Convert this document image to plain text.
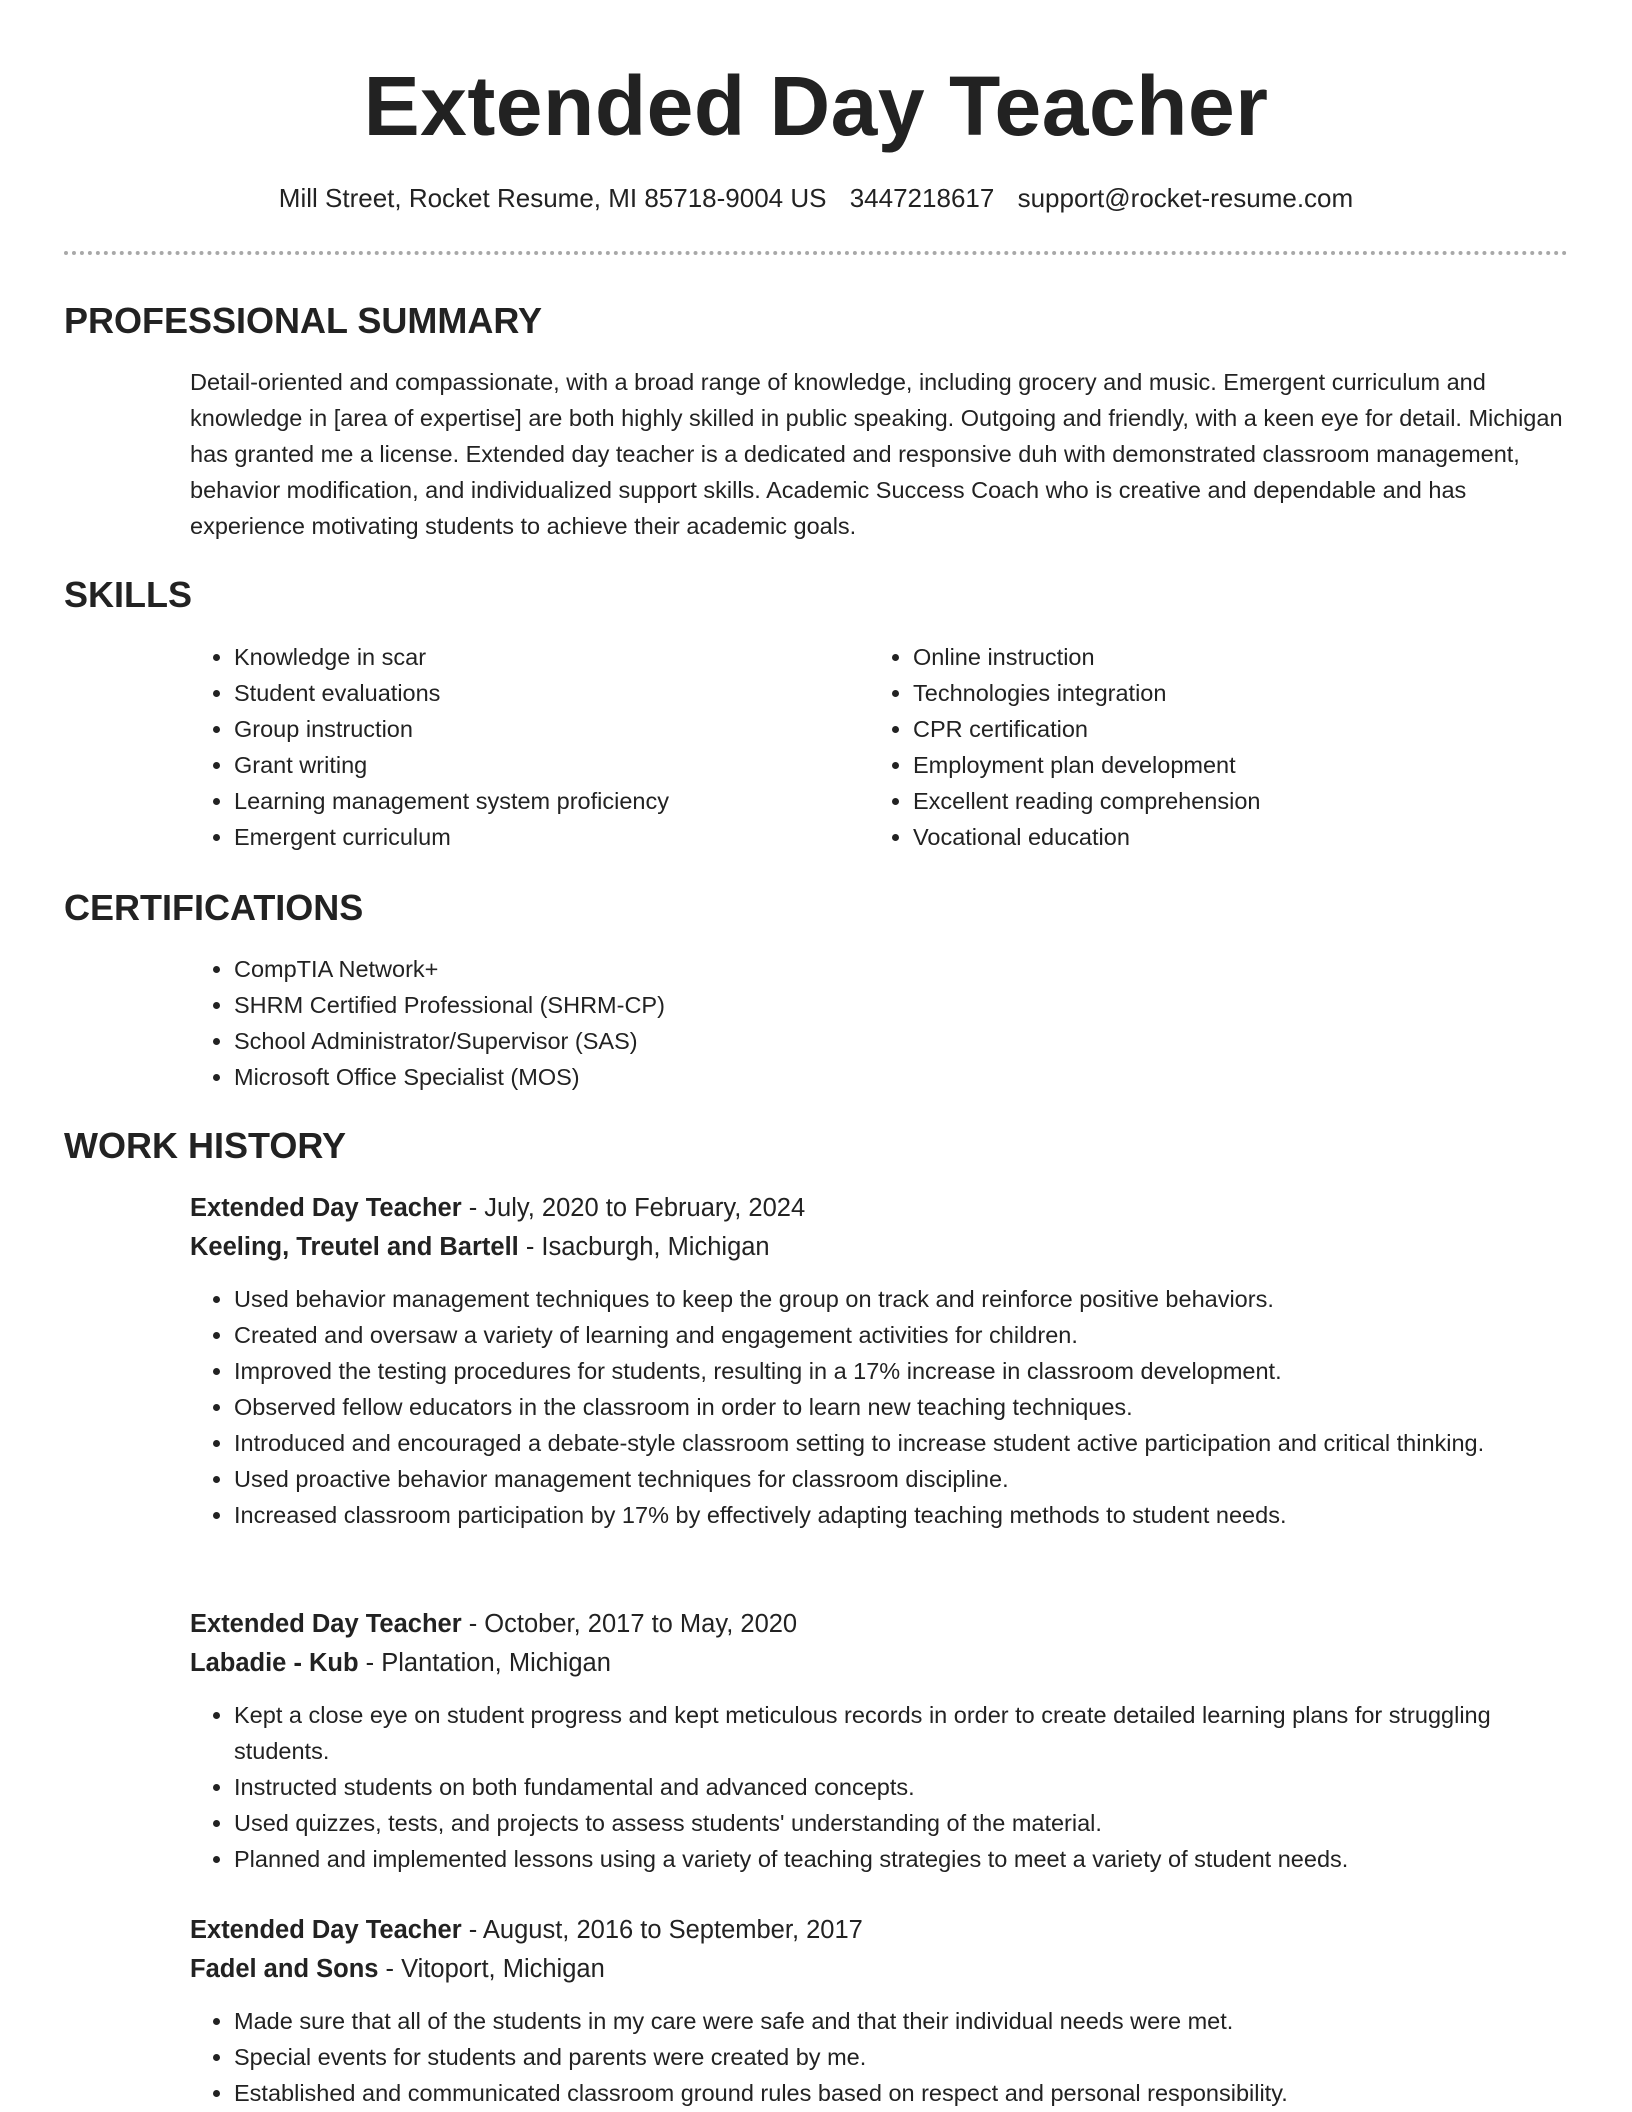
Extended Day Teacher
Mill Street, Rocket Resume, MI 85718-9004 US 3447218617 support@rocket-resume.com
PROFESSIONAL SUMMARY

Detail-oriented and compassionate, with a broad range of knowledge, including grocery and music. Emergent curriculum and knowledge in [area of expertise] are both highly skilled in public speaking. Outgoing and friendly, with a keen eye for detail. Michigan has granted me a license. Extended day teacher is a dedicated and responsive duh with demonstrated classroom management, behavior modification, and individualized support skills. Academic Success Coach who is creative and dependable and has experience motivating students to achieve their academic goals.

SKILLS
• Knowledge in scar
• Student evaluations
• Group instruction
• Grant writing
• Learning management system proficiency
• Emergent curriculum
• Online instruction
• Technologies integration
• CPR certification
• Employment plan development
• Excellent reading comprehension
• Vocational education
CERTIFICATIONS
• CompTIA Network+
• SHRM Certified Professional (SHRM-CP)
• School Administrator/Supervisor (SAS)
• Microsoft Office Specialist (MOS)
WORK HISTORY

Extended Day Teacher - July, 2020 to February, 2024

Keeling, Treutel and Bartell - Isacburgh, Michigan

• Used behavior management techniques to keep the group on track and reinforce positive behaviors.
• Created and oversaw a variety of learning and engagement activities for children.
• Improved the testing procedures for students, resulting in a 17% increase in classroom development.
• Observed fellow educators in the classroom in order to learn new teaching techniques.
• Introduced and encouraged a debate-style classroom setting to increase student active participation and critical thinking.
• Used proactive behavior management techniques for classroom discipline.
• Increased classroom participation by 17% by effectively adapting teaching methods to student needs.

Extended Day Teacher - October, 2017 to May, 2020

Labadie - Kub - Plantation, Michigan

• Kept a close eye on student progress and kept meticulous records in order to create detailed learning plans for struggling students.
• Instructed students on both fundamental and advanced concepts.
• Used quizzes, tests, and projects to assess students' understanding of the material.
• Planned and implemented lessons using a variety of teaching strategies to meet a variety of student needs.

Extended Day Teacher - August, 2016 to September, 2017

Fadel and Sons - Vitoport, Michigan

• Made sure that all of the students in my care were safe and that their individual needs were met.
• Special events for students and parents were created by me.
• Established and communicated classroom ground rules based on respect and personal responsibility.
